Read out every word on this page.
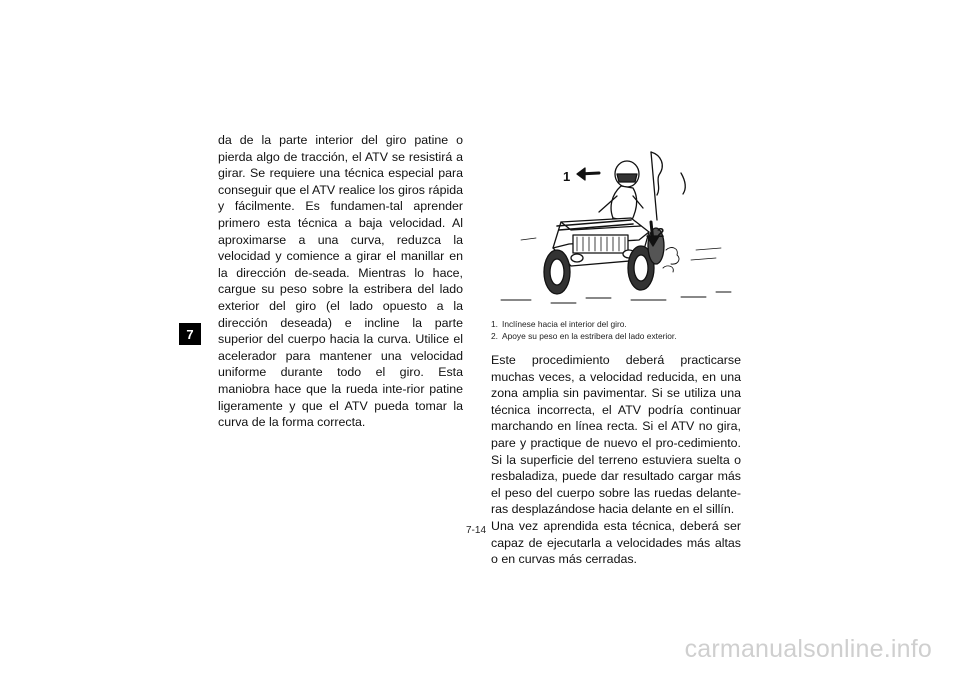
7

da de la parte interior del giro patine o pierda algo de tracción, el ATV se resistirá a girar. Se requiere una técnica especial para conseguir que el ATV realice los giros rápida y fácilmente. Es fundamen-tal aprender primero esta técnica a baja velocidad. Al aproximarse a una curva, reduzca la velocidad y comience a girar el manillar en la dirección de-seada. Mientras lo hace, cargue su peso sobre la estribera del lado exterior del giro (el lado opuesto a la dirección deseada) e incline la parte superior del cuerpo hacia la curva. Utilice el acelerador para mantener una velocidad uniforme durante todo el giro. Esta maniobra hace que la rueda inte-rior patine ligeramente y que el ATV pueda tomar la curva de la forma correcta.

1
2
1. Inclínese hacia el interior del giro.
2. Apoye su peso en la estribera del lado exterior.

Este procedimiento deberá practicarse muchas veces, a velocidad reducida, en una zona amplia sin pavimentar. Si se utiliza una técnica incorrecta, el ATV podría continuar marchando en línea recta. Si el ATV no gira, pare y practique de nuevo el pro-cedimiento. Si la superficie del terreno estuviera suelta o resbaladiza, puede dar resultado cargar más el peso del cuerpo sobre las ruedas delante-ras desplazándose hacia delante en el sillín.

Una vez aprendida esta técnica, deberá ser capaz de ejecutarla a velocidades más altas o en curvas más cerradas.

7-14
carmanualsonline.info
